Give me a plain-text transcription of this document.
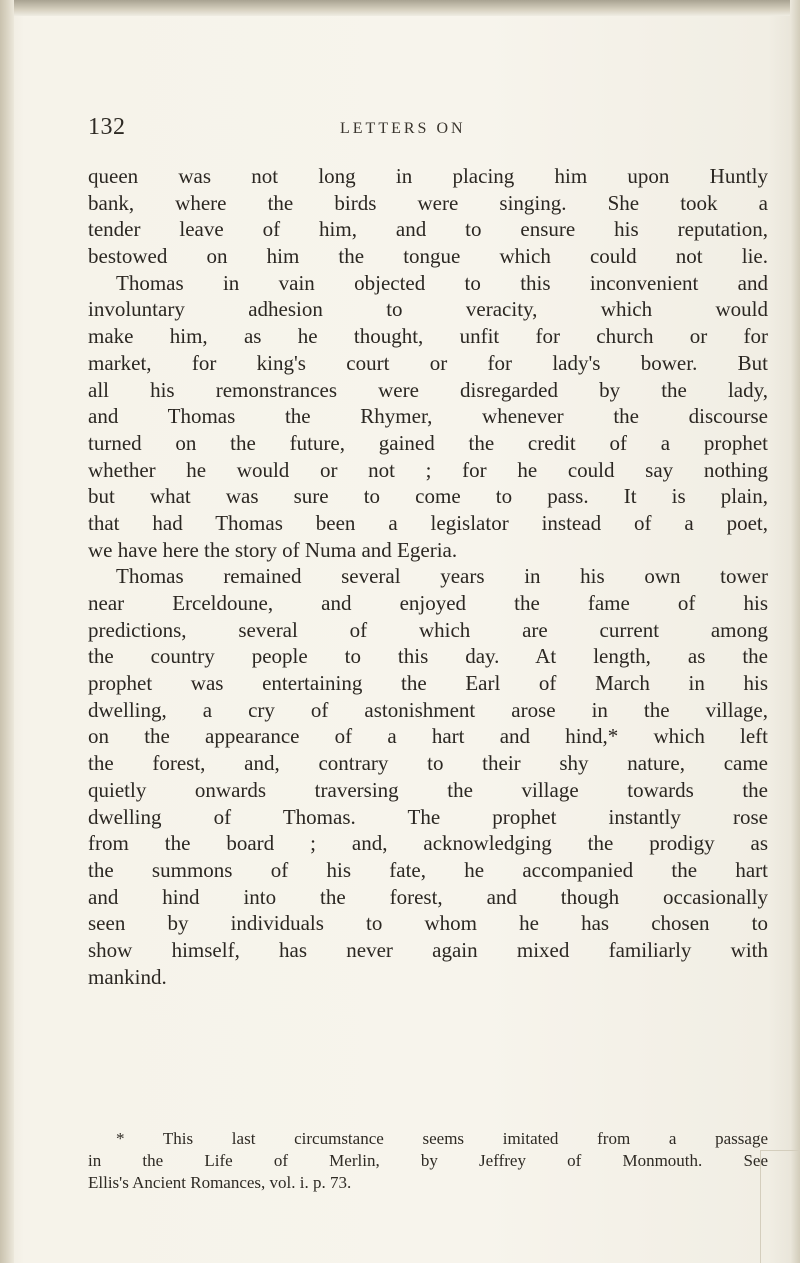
132	LETTERS ON
queen was not long in placing him upon Huntly
bank, where the birds were singing. She took a
tender leave of him, and to ensure his reputation,
bestowed on him the tongue which could not lie.
Thomas in vain objected to this inconvenient and
involuntary adhesion to veracity, which would
make him, as he thought, unfit for church or for
market, for king's court or for lady's bower. But
all his remonstrances were disregarded by the lady,
and Thomas the Rhymer, whenever the discourse
turned on the future, gained the credit of a prophet
whether he would or not ; for he could say nothing
but what was sure to come to pass. It is plain,
that had Thomas been a legislator instead of a poet,
we have here the story of Numa and Egeria.
Thomas remained several years in his own tower
near Erceldoune, and enjoyed the fame of his
predictions, several of which are current among
the country people to this day. At length, as the
prophet was entertaining the Earl of March in his
dwelling, a cry of astonishment arose in the village,
on the appearance of a hart and hind,* which left
the forest, and, contrary to their shy nature, came
quietly onwards traversing the village towards the
dwelling of Thomas. The prophet instantly rose
from the board ; and, acknowledging the prodigy as
the summons of his fate, he accompanied the hart
and hind into the forest, and though occasionally
seen by individuals to whom he has chosen to
show himself, has never again mixed familiarly with
mankind.
* This last circumstance seems imitated from a passage
in the Life of Merlin, by Jeffrey of Monmouth. See
Ellis's Ancient Romances, vol. i. p. 73.
